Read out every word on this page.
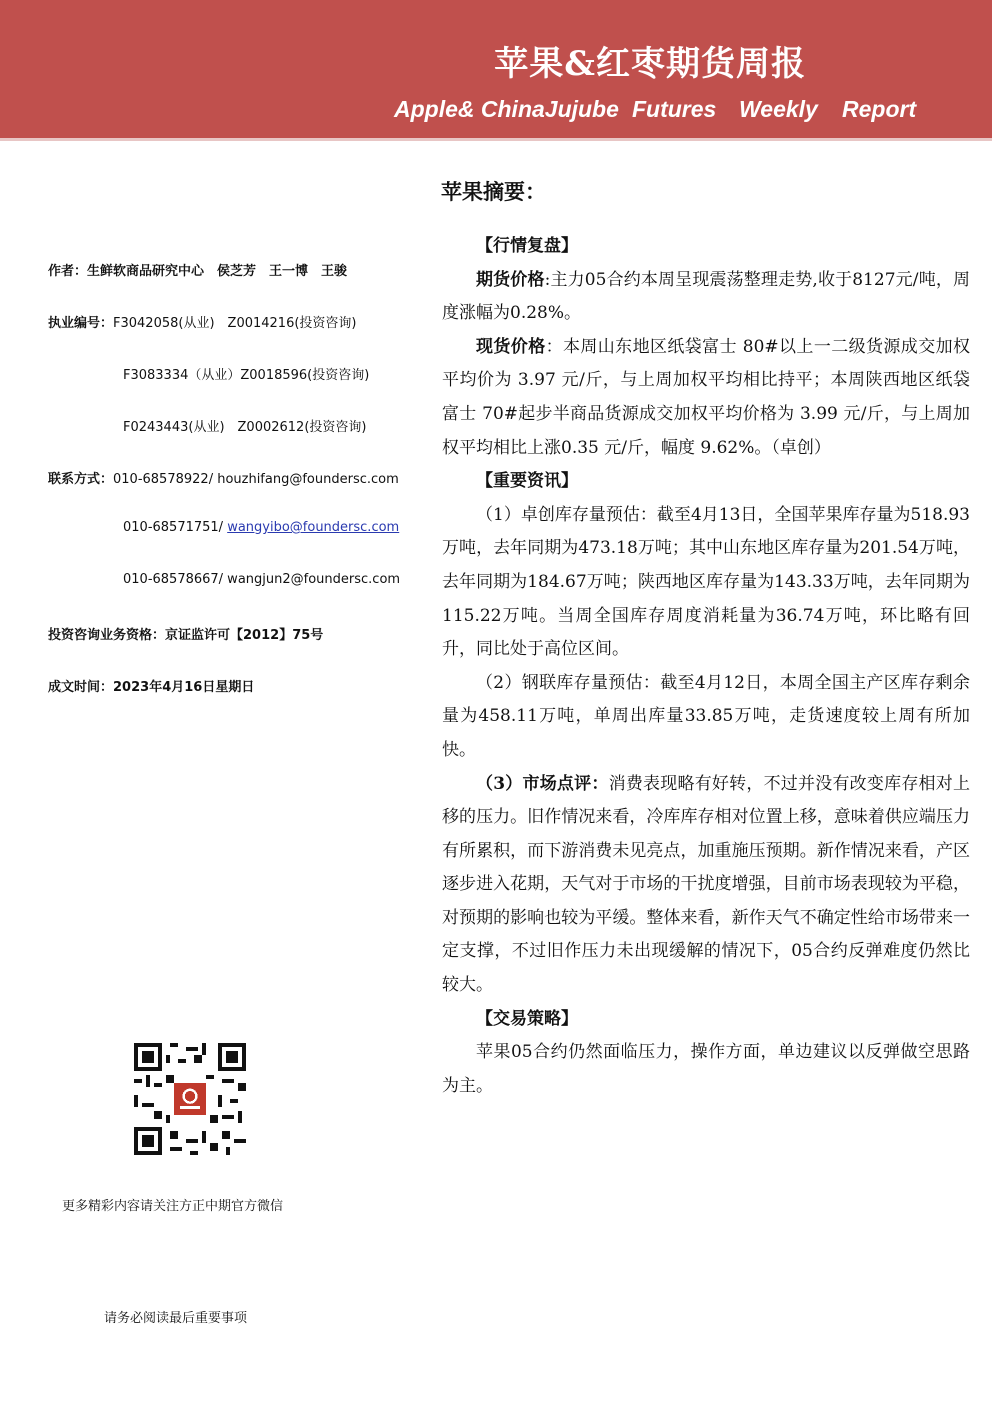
苹果&红枣期货周报
Apple& ChinaJujube Futures Weekly Report
苹果摘要：
作者：生鲜软商品研究中心　侯芝芳　王一博　王骏
执业编号：F3042058(从业)　Z0014216(投资咨询)
F3083334（从业）Z0018596(投资咨询)
F0243443(从业)　Z0002612(投资咨询)
联系方式：010-68578922/ houzhifang@foundersc.com
010-68571751/ wangyibo@foundersc.com
010-68578667/ wangjun2@foundersc.com
投资咨询业务资格：京证监许可【2012】75号
成文时间：2023年4月16日星期日
更多精彩内容请关注方正中期官方微信
请务必阅读最后重要事项
【行情复盘】

期货价格:主力05合约本周呈现震荡整理走势,收于8127元/吨，周度涨幅为0.28%。

现货价格：本周山东地区纸袋富士 80#以上一二级货源成交加权平均价为 3.97 元/斤，与上周加权平均相比持平；本周陕西地区纸袋富士 70#起步半商品货源成交加权平均价格为 3.99 元/斤，与上周加权平均相比上涨0.35 元/斤，幅度 9.62%。（卓创）

【重要资讯】

（1）卓创库存量预估：截至4月13日，全国苹果库存量为518.93万吨，去年同期为473.18万吨；其中山东地区库存量为201.54万吨，去年同期为184.67万吨；陕西地区库存量为143.33万吨，去年同期为115.22万吨。当周全国库存周度消耗量为36.74万吨，环比略有回升，同比处于高位区间。

（2）钢联库存量预估：截至4月12日，本周全国主产区库存剩余量为458.11万吨，单周出库量33.85万吨，走货速度较上周有所加快。

（3）市场点评：消费表现略有好转，不过并没有改变库存相对上移的压力。旧作情况来看，冷库库存相对位置上移，意味着供应端压力有所累积，而下游消费未见亮点，加重施压预期。新作情况来看，产区逐步进入花期，天气对于市场的干扰度增强，目前市场表现较为平稳，对预期的影响也较为平缓。整体来看，新作天气不确定性给市场带来一定支撑，不过旧作压力未出现缓解的情况下，05合约反弹难度仍然比较大。

【交易策略】

苹果05合约仍然面临压力，操作方面，单边建议以反弹做空思路为主。
